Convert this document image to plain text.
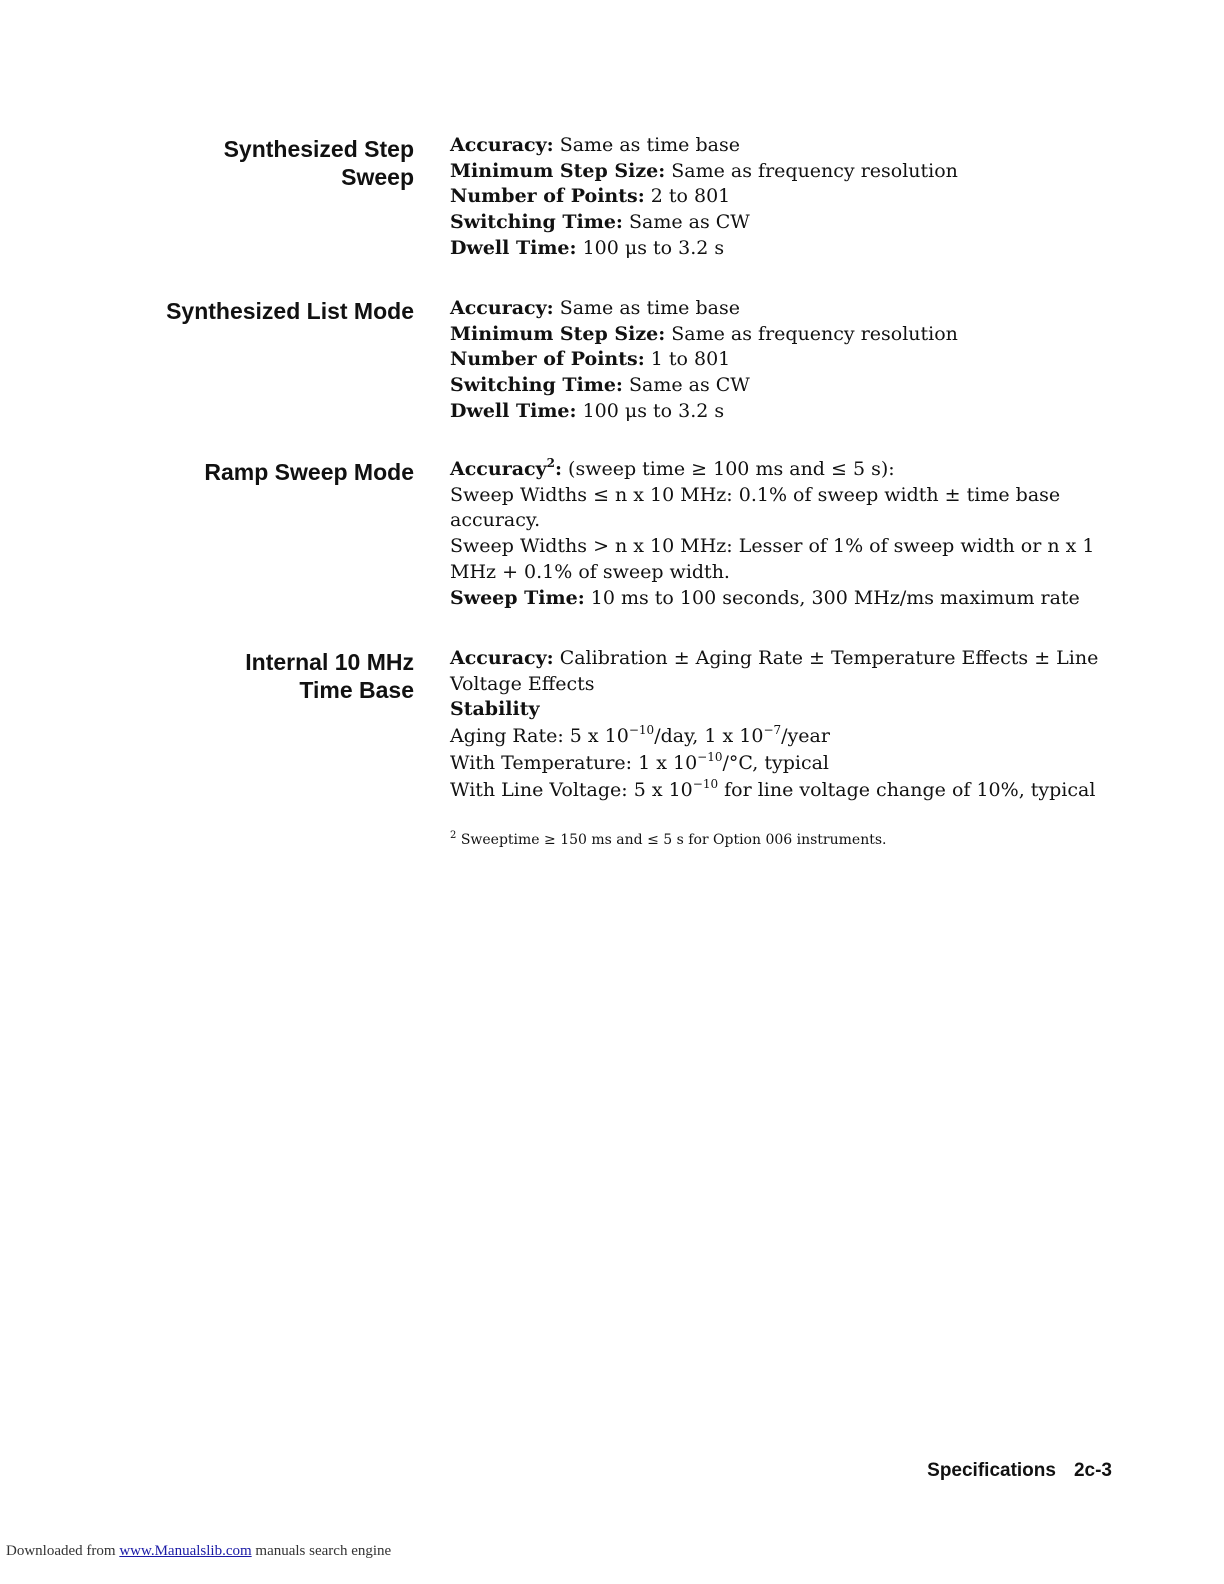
Synthesized Step
Sweep
Accuracy: Same as time base
Minimum Step Size: Same as frequency resolution
Number of Points: 2 to 801
Switching Time: Same as CW
Dwell Time: 100 μs to 3.2 s
Synthesized List Mode Accuracy: Same as time base
Minimum Step Size: Same as frequency resolution
Number of Points: 1 to 801
Switching Time: Same as CW
Dwell Time: 100 μs to 3.2 s
Ramp Sweep Mode Accuracy$^2$: (sweep time ≥ 100 ms and ≤ 5 s):
Sweep Widths ≤ n x 10 MHz: 0.1% of sweep width ± time base accuracy.
Sweep Widths > n x 10 MHz: Lesser of 1% of sweep width or n x 1 MHz + 0.1% of sweep width.
Sweep Time: 10 ms to 100 seconds, 300 MHz/ms maximum rate
Internal 10 MHz
Time Base
Accuracy: Calibration ± Aging Rate ± Temperature Effects ± Line Voltage Effects
Stability
Aging Rate: 5 x $10^{-10}$/day, 1 x $10^{-7}$/year
With Temperature: 1 x $10^{-10}/^\circ C$, typical
With Line Voltage: 5 x $10^{-10}$ for line voltage change of 10%, typical
$^2$ Sweeptime ≥ 150 ms and ≤ 5 s for Option 006 instruments.
Specifications 2c-3
Downloaded from www.Manualslib.com manuals search engine
